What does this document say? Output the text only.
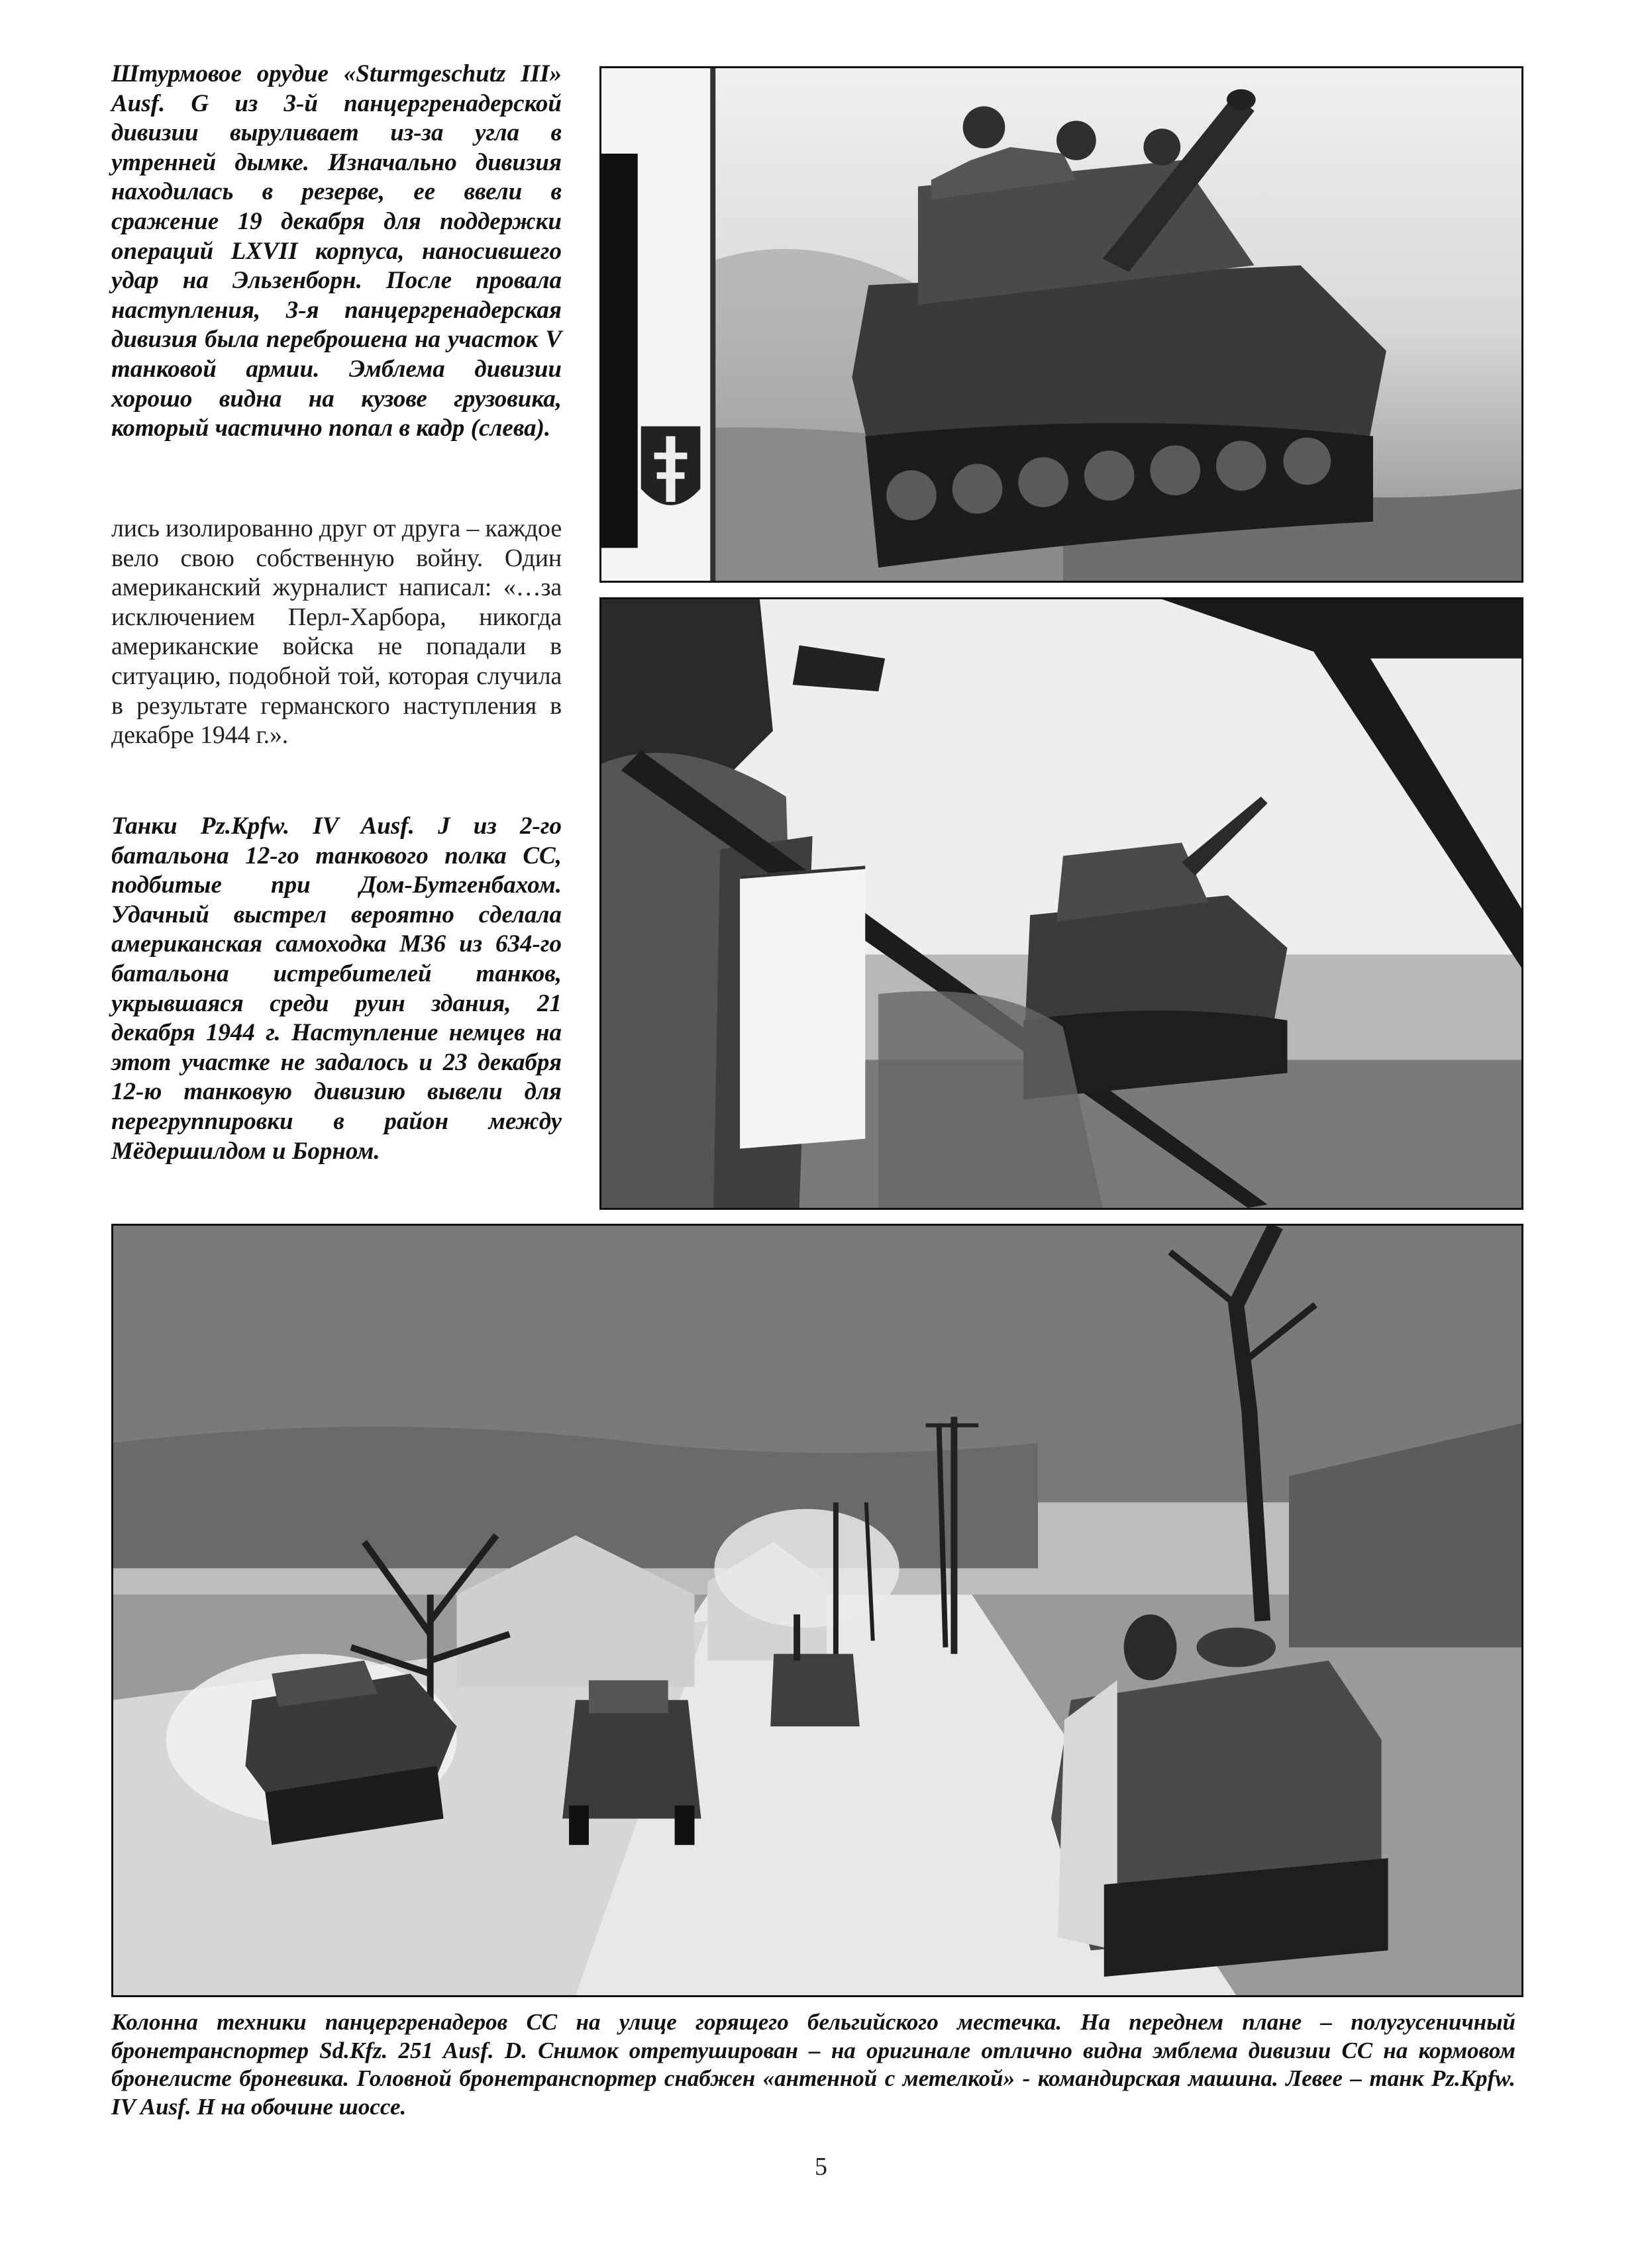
Штурмовое орудие «Sturmgeschutz III» Ausf. G из 3-й панцергренадерской дивизии выруливает из-за угла в утренней дымке. Изначально дивизия находилась в резерве, ее ввели в сражение 19 декабря для поддержки операций LXVII корпуса, наносившего удар на Эльзенборн. После провала наступления, 3-я панцергренадерская дивизия была переброшена на участок V танковой армии. Эмблема дивизии хорошо видна на кузове грузовика, который частично попал в кадр (слева).

лись изолированно друг от друга – каждое вело свою собственную войну. Один американский журналист написал: «…за исключением Перл-Харбора, никогда американские войска не попадали в ситуацию, подобной той, которая случила в результате германского наступления в декабре 1944 г.».

Танки Pz.Kpfw. IV Ausf. J из 2-го батальона 12-го танкового полка СС, подбитые при Дом-Бутгенбахом. Удачный выстрел вероятно сделала американская самоходка М36 из 634-го батальона истребителей танков, укрывшаяся среди руин здания, 21 декабря 1944 г. Наступление немцев на этот участке не задалось и 23 декабря 12-ю танковую дивизию вывели для перегруппировки в район между Мёдершилдом и Борном.

Колонна техники панцергренадеров СС на улице горящего бельгийского местечка. На переднем плане – полугусеничный бронетранспортер Sd.Kfz. 251 Ausf. D. Снимок отретуширован – на оригинале отлично видна эмблема дивизии СС на кормовом бронелисте броневика. Головной бронетранспортер снабжен «антенной с метелкой» - командирская машина. Левее – танк Pz.Kpfw. IV Ausf. H на обочине шоссе.

5
